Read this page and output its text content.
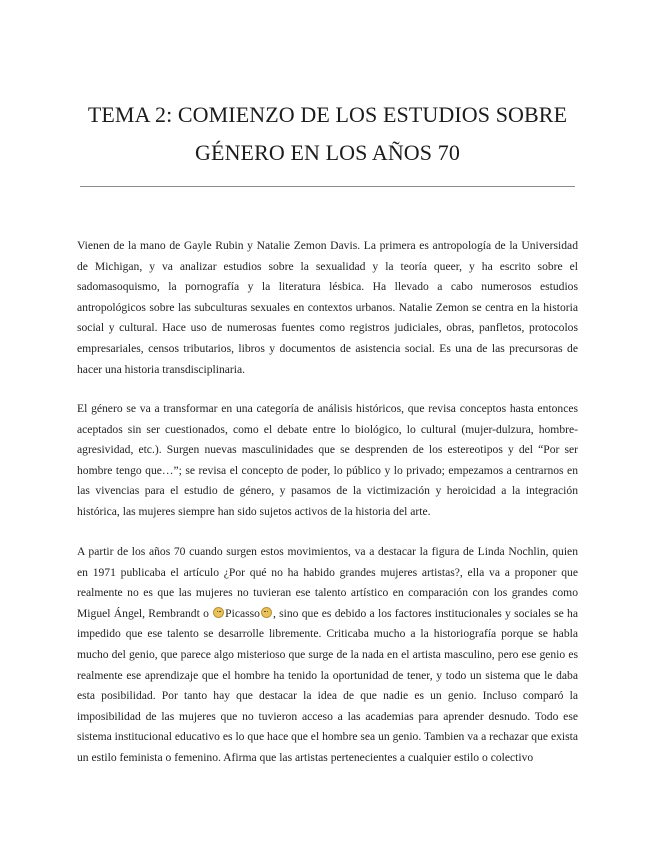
TEMA 2: COMIENZO DE LOS ESTUDIOS SOBRE
GÉNERO EN LOS AÑOS 70

Vienen de la mano de Gayle Rubin y Natalie Zemon Davis. La primera es antropología de la Universidad de Michigan, y va analizar estudios sobre la sexualidad y la teoría queer, y ha escrito sobre el sadomasoquismo, la pornografía y la literatura lésbica. Ha llevado a cabo numerosos estudios antropológicos sobre las subculturas sexuales en contextos urbanos. Natalie Zemon se centra en la historia social y cultural. Hace uso de numerosas fuentes como registros judiciales, obras, panfletos, protocolos empresariales, censos tributarios, libros y documentos de asistencia social. Es una de las precursoras de hacer una historia transdisciplinaria.

El género se va a transformar en una categoría de análisis históricos, que revisa conceptos hasta entonces aceptados sin ser cuestionados, como el debate entre lo biológico, lo cultural (mujer-dulzura, hombre-agresividad, etc.). Surgen nuevas masculinidades que se desprenden de los estereotipos y del “Por ser hombre tengo que…”; se revisa el concepto de poder, lo público y lo privado; empezamos a centrarnos en las vivencias para el estudio de género, y pasamos de la victimización y heroicidad a la integración histórica, las mujeres siempre han sido sujetos activos de la historia del arte.

A partir de los años 70 cuando surgen estos movimientos, va a destacar la figura de Linda Nochlin, quien en 1971 publicaba el artículo ¿Por qué no ha habido grandes mujeres artistas?, ella va a proponer que realmente no es que las mujeres no tuvieran ese talento artístico en comparación con los grandes como Miguel Ángel, Rembrandt o Picasso , sino que es debido a los factores institucionales y sociales se ha impedido que ese talento se desarrolle libremente. Criticaba mucho a la historiografía porque se habla mucho del genio, que parece algo misterioso que surge de la nada en el artista masculino, pero ese genio es realmente ese aprendizaje que el hombre ha tenido la oportunidad de tener, y todo un sistema que le daba esta posibilidad. Por tanto hay que destacar la idea de que nadie es un genio. Incluso comparó la imposibilidad de las mujeres que no tuvieron acceso a las academias para aprender desnudo. Todo ese sistema institucional educativo es lo que hace que el hombre sea un genio. Tambien va a rechazar que exista un estilo feminista o femenino. Afirma que las artistas pertenecientes a cualquier estilo o colectivo
